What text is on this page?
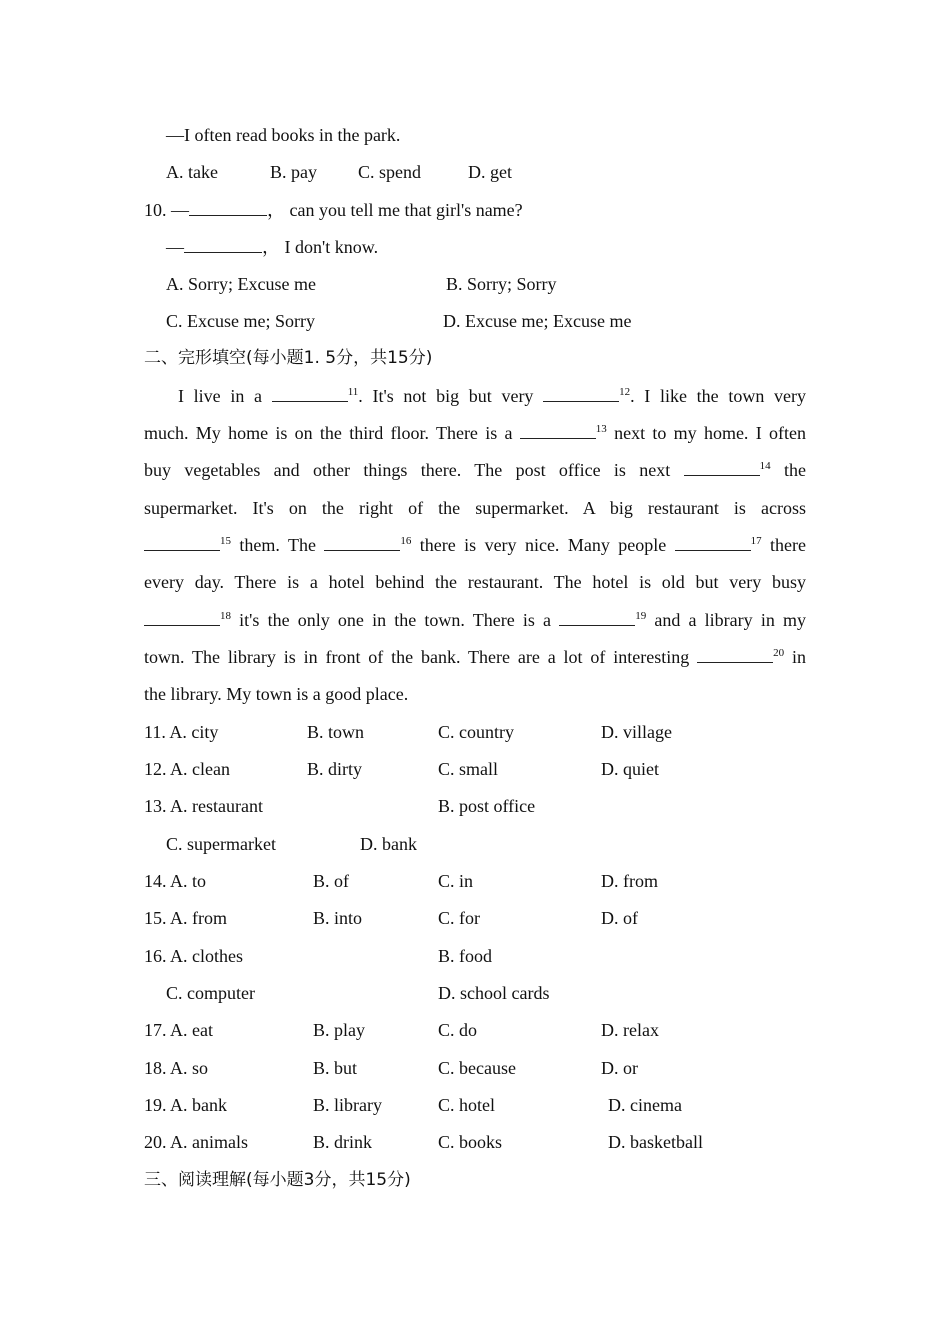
—I often read books in the park.
A. take	B. pay C. spend	D. get
10. —	， can you tell me that girl's name?
—	， I don't know.
A. Sorry; Excuse me	B. Sorry; Sorry
C. Excuse me; Sorry	D. Excuse me; Excuse me
二、完形填空(每小题1. 5分，共15分)
I live in a	$^{11}$. It's not big but very	$^{12}$. I like the town very
much. My home is on the third floor. There is a	$^{13}$ next to my home. I often
buy vegetables and other things there. The post office is next	$^{14}$ the
supermarket. It's on the right of the supermarket. A big restaurant is across
$^{15}$ them. The	$^{16}$ there is very nice. Many people	$^{17}$ there
every day. There is a hotel behind the restaurant. The hotel is old but very busy
$^{18}$ it's the only one in the town. There is a	$^{19}$ and a library in my
town. The library is in front of the bank. There are a lot of interesting	$^{20}$ in
the library. My town is a good place.
11. A. city	B. town	C. country	D. village
12. A. clean	B. dirty	C. small	D. quiet
13. A. restaurant	B. post office
C. supermarket	D. bank
14. A. to	B. of	C. in	D. from
15. A. from	B. into	C. for	D. of
16. A. clothes	B. food
C. computer	D. school cards
17. A. eat	B. play	C. do	D. relax
18. A. so	B. but	C. because	D. or
19. A. bank	B. library	C. hotel	D. cinema
20. A. animals	B. drink	C. books	D. basketball
三、阅读理解(每小题3分，共15分)
